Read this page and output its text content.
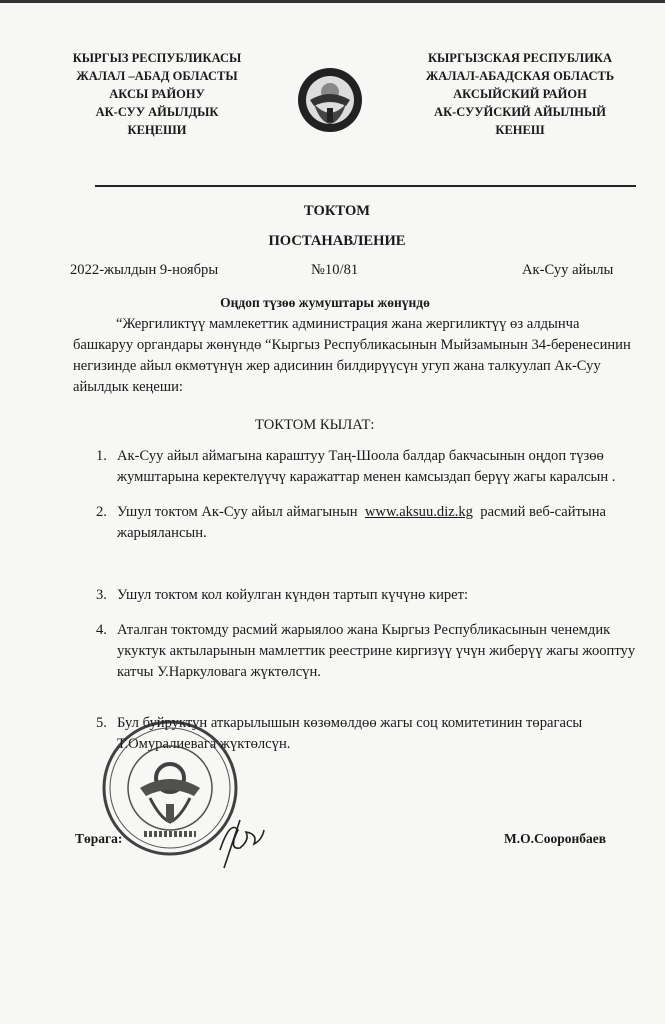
КЫРГЫЗ РЕСПУБЛИКАСЫ
ЖАЛАЛ –АБАД ОБЛАСТЫ
АКСЫ РАЙОНУ
АК-СУУ АЙЫЛДЫК
КЕҢЕШИ
КЫРГЫЗСКАЯ РЕСПУБЛИКА
ЖАЛАЛ-АБАДСКАЯ ОБЛАСТЬ
АКСЫЙСКИЙ РАЙОН
АК-СУУЙСКИЙ АЙЫЛНЫЙ
КЕНЕШ
ТОКТОМ
ПОСТАНАВЛЕНИЕ
2022-жылдын 9-ноябры	№10/81	Ак-Суу айылы
Оңдоп түзөө жумуштары жөнүндө
“Жергиликтүү мамлекеттик администрация жана жергиликтүү өз алдынча
башкаруу органдары жөнүндө “Кыргыз Республикасынын Мыйзамынын 34-беренесинин
негизинде айыл өкмөтүнүн жер адисинин билдирүүсүн угуп жана талкуулап Ак-Суу
айылдык кеңеши:
ТОКТОМ КЫЛАТ:
1. Ак-Суу айыл аймагына караштуу Таң-Шоола балдар бакчасынын оңдоп түзөө
жумштарына керектелүүчү каражаттар менен камсыздап берүү жагы каралсын .
2. Ушул токтом Ак-Суу айыл аймагынын  www.aksuu.diz.kg  расмий веб-сайтына
жарыялансын.
3. Ушул токтом кол койулган күндөн тартып күчүнө кирет:
4. Аталган токтомду расмий жарыялоо жана Кыргыз Республикасынын ченемдик
укуктук актыларынын мамлеттик реестрине киргизүү үчүн жиберүү жагы жооптуу
катчы У.Наркуловага жүктөлсүн.
5. Бул буйруктун аткарылышын көзөмөлдөө жагы соц комитетинин төрагасы
Т.Омуралиевага жүктөлсүн.
Төрага:	М.О.Сооронбаев
